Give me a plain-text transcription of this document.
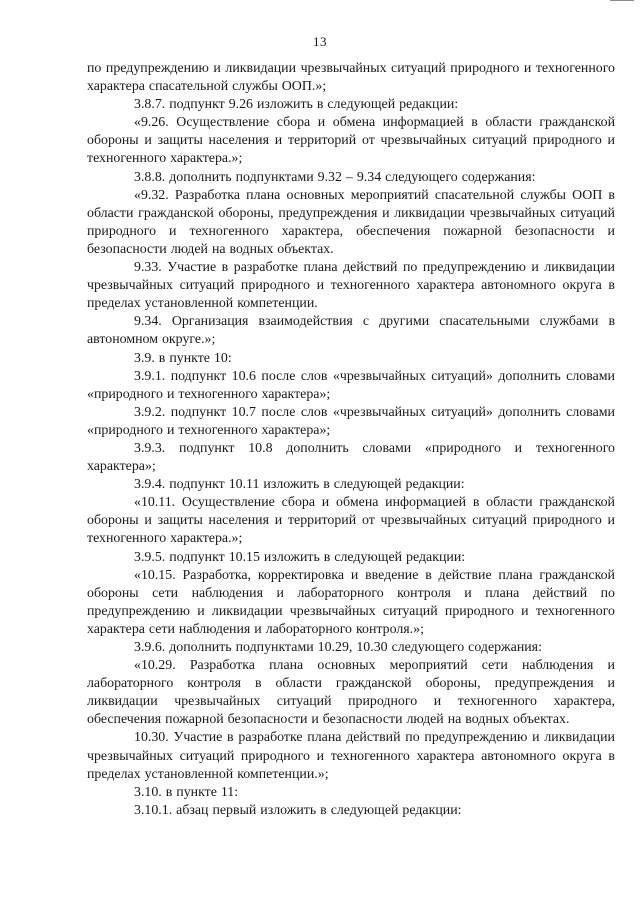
13

по предупреждению и ликвидации чрезвычайных ситуаций природного и техногенного характера спасательной службы ООП.»;

3.8.7. подпункт 9.26 изложить в следующей редакции:

«9.26. Осуществление сбора и обмена информацией в области гражданской обороны и защиты населения и территорий от чрезвычайных ситуаций природного и техногенного характера.»;

3.8.8. дополнить подпунктами 9.32 – 9.34 следующего содержания:

«9.32. Разработка плана основных мероприятий спасательной службы ООП в области гражданской обороны, предупреждения и ликвидации чрезвычайных ситуаций природного и техногенного характера, обеспечения пожарной безопасности и безопасности людей на водных объектах.

9.33. Участие в разработке плана действий по предупреждению и ликвидации чрезвычайных ситуаций природного и техногенного характера автономного округа в пределах установленной компетенции.

9.34. Организация взаимодействия с другими спасательными службами в автономном округе.»;

3.9. в пункте 10:

3.9.1. подпункт 10.6 после слов «чрезвычайных ситуаций» дополнить словами «природного и техногенного характера»;

3.9.2. подпункт 10.7 после слов «чрезвычайных ситуаций» дополнить словами «природного и техногенного характера»;

3.9.3. подпункт 10.8 дополнить словами «природного и техногенного характера»;

3.9.4. подпункт 10.11 изложить в следующей редакции:

«10.11. Осуществление сбора и обмена информацией в области гражданской обороны и защиты населения и территорий от чрезвычайных ситуаций природного и техногенного характера.»;

3.9.5. подпункт 10.15 изложить в следующей редакции:

«10.15. Разработка, корректировка и введение в действие плана гражданской обороны сети наблюдения и лабораторного контроля и плана действий по предупреждению и ликвидации чрезвычайных ситуаций природного и техногенного характера сети наблюдения и лабораторного контроля.»;

3.9.6. дополнить подпунктами 10.29, 10.30 следующего содержания:

«10.29. Разработка плана основных мероприятий сети наблюдения и лабораторного контроля в области гражданской обороны, предупреждения и ликвидации чрезвычайных ситуаций природного и техногенного характера, обеспечения пожарной безопасности и безопасности людей на водных объектах.

10.30. Участие в разработке плана действий по предупреждению и ликвидации чрезвычайных ситуаций природного и техногенного характера автономного округа в пределах установленной компетенции.»;

3.10. в пункте 11:

3.10.1. абзац первый изложить в следующей редакции:
